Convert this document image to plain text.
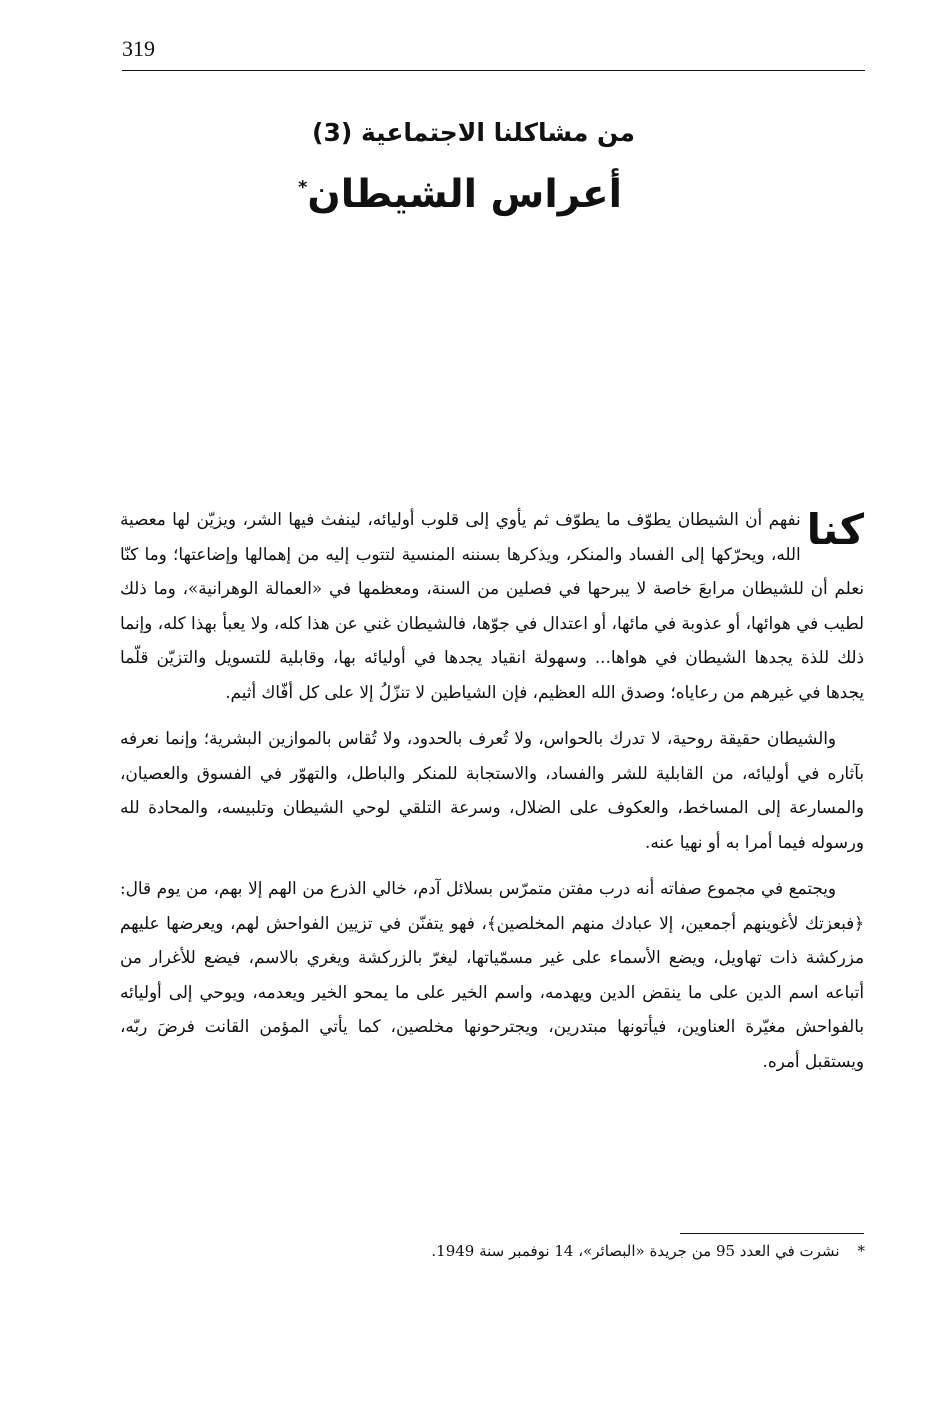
319
من مشاكلنا الاجتماعية (3)
أعراس الشيطان*

كنا
نفهم أن الشيطان يطوّف ما يطوّف ثم يأوي إلى قلوب أوليائه، لينفث فيها الشر، ويزيّن لها معصية الله، ويحرّكها إلى الفساد والمنكر، ويذكرها بسننه المنسية لتتوب إليه من إهمالها وإضاعتها؛ وما كنّا نعلم أن للشيطان مرابعَ خاصة لا يبرحها في فصلين من السنة، ومعظمها في «العمالة الوهرانية»، وما ذلك لطيب في هوائها، أو عذوبة في مائها، أو اعتدال في جوّها، فالشيطان غني عن هذا كله، ولا يعبأ بهذا كله، وإنما ذلك للذة يجدها الشيطان في هواها... وسهولة انقياد يجدها في أوليائه بها، وقابلية للتسويل والتزيّن قلّما يجدها في غيرهم من رعاياه؛ وصدق الله العظيم، فإن الشياطين لا تنزّلُ إلا على كل أفّاك أثيم.

والشيطان حقيقة روحية، لا تدرك بالحواس، ولا تُعرف بالحدود، ولا تُقاس بالموازين البشرية؛ وإنما نعرفه بآثاره في أوليائه، من القابلية للشر والفساد، والاستجابة للمنكر والباطل، والتهوّر في الفسوق والعصيان، والمسارعة إلى المساخط، والعكوف على الضلال، وسرعة التلقي لوحي الشيطان وتلبيسه، والمحادة لله ورسوله فيما أمرا به أو نهيا عنه.

ويجتمع في مجموع صفاته أنه درب مفتن متمرّس بسلائل آدم، خالي الذرع من الهم إلا بهم، من يوم قال: ﴿فبعزتك لأغوينهم أجمعين، إلا عبادك منهم المخلصين﴾، فهو يتفنّن في تزيين الفواحش لهم، ويعرضها عليهم مزركشة ذات تهاويل، ويضع الأسماء على غير مسمّياتها، ليغرّ بالزركشة ويغري بالاسم، فيضع للأغرار من أتباعه اسم الدين على ما ينقض الدين ويهدمه، واسم الخير على ما يمحو الخير ويعدمه، ويوحي إلى أوليائه بالفواحش مغيّرة العناوين، فيأتونها مبتدرين، ويجترحونها مخلصين، كما يأتي المؤمن القانت فرضَ ربّه، ويستقبل أمره.

*نشرت في العدد 95 من جريدة «البصائر»، 14 نوفمبر سنة 1949.
